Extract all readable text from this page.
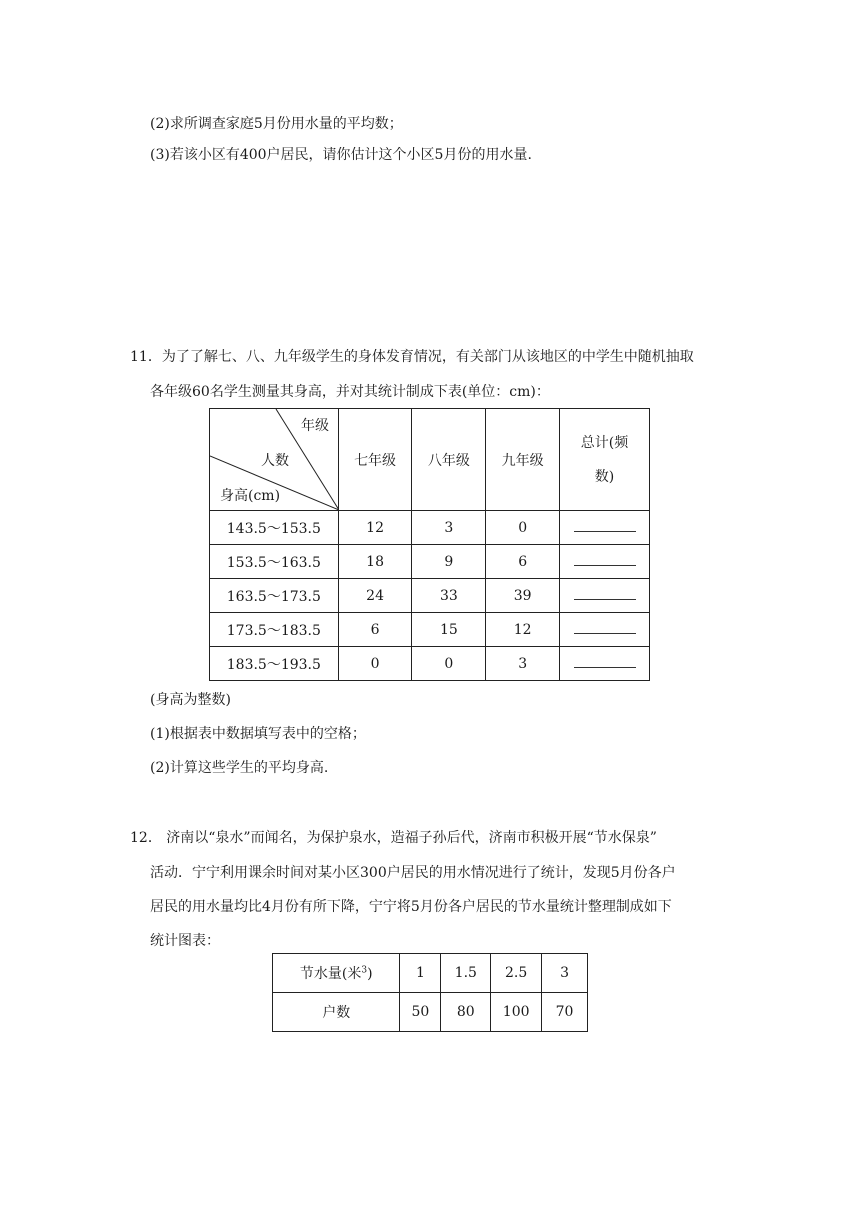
(2)求所调查家庭5月份用水量的平均数；
(3)若该小区有400户居民，请你估计这个小区5月份的用水量.
11．为了了解七、八、九年级学生的身体发育情况，有关部门从该地区的中学生中随机抽取
各年级60名学生测量其身高，并对其统计制成下表(单位：cm)：
年级
人数
身高(cm)	七年级	八年级	九年级	总计(频
数)
143.5～153.5	12	3	0	
153.5～163.5	18	9	6	
163.5～173.5	24	33	39	
173.5～183.5	6	15	12	
183.5～193.5	0	0	3	
(身高为整数)
(1)根据表中数据填写表中的空格；
(2)计算这些学生的平均身高.
12． 济南以“泉水”而闻名，为保护泉水，造福子孙后代，济南市积极开展“节水保泉”
活动．宁宁利用课余时间对某小区300户居民的用水情况进行了统计，发现5月份各户
居民的用水量均比4月份有所下降，宁宁将5月份各户居民的节水量统计整理制成如下
统计图表：
节水量(米$^3$)	1	1.5	2.5	3
户数	50	80	100	70
